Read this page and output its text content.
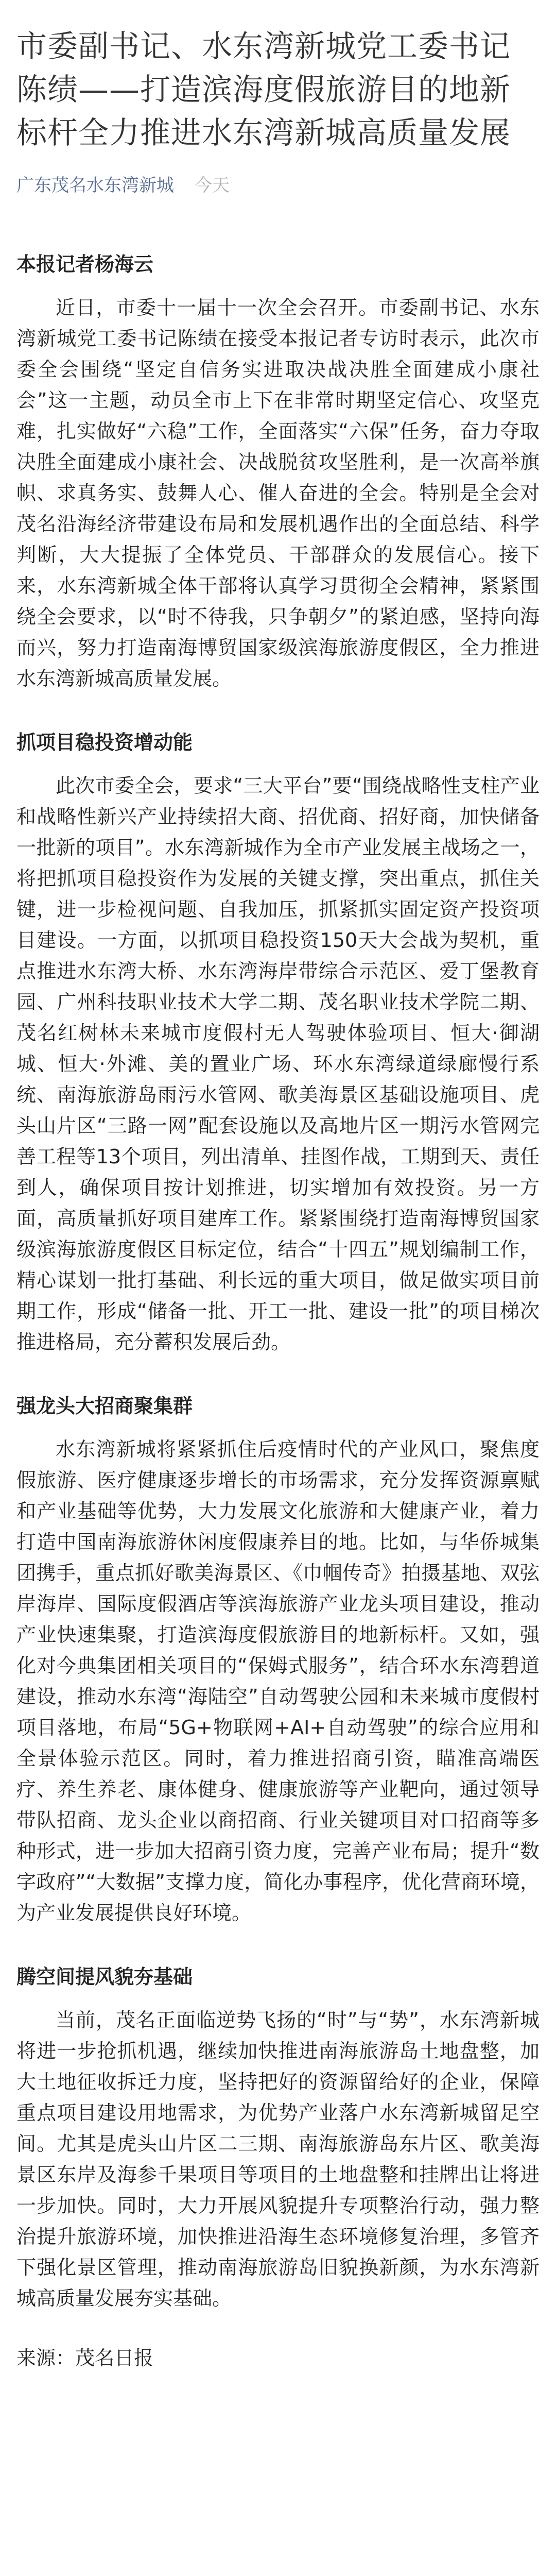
市委副书记、水东湾新城党工委书记陈绩——打造滨海度假旅游目的地新标杆全力推进水东湾新城高质量发展
广东茂名水东湾新城 今天
本报记者杨海云

近日，市委十一届十一次全会召开。市委副书记、水东湾新城党工委书记陈绩在接受本报记者专访时表示，此次市委全会围绕“坚定自信务实进取决战决胜全面建成小康社会”这一主题，动员全市上下在非常时期坚定信心、攻坚克难，扎实做好“六稳”工作，全面落实“六保”任务，奋力夺取决胜全面建成小康社会、决战脱贫攻坚胜利，是一次高举旗帜、求真务实、鼓舞人心、催人奋进的全会。特别是全会对茂名沿海经济带建设布局和发展机遇作出的全面总结、科学判断，大大提振了全体党员、干部群众的发展信心。接下来，水东湾新城全体干部将认真学习贯彻全会精神，紧紧围绕全会要求，以“时不待我，只争朝夕”的紧迫感，坚持向海而兴，努力打造南海博贸国家级滨海旅游度假区，全力推进水东湾新城高质量发展。

抓项目稳投资增动能

此次市委全会，要求“三大平台”要“围绕战略性支柱产业和战略性新兴产业持续招大商、招优商、招好商，加快储备一批新的项目”。水东湾新城作为全市产业发展主战场之一，将把抓项目稳投资作为发展的关键支撑，突出重点，抓住关键，进一步检视问题、自我加压，抓紧抓实固定资产投资项目建设。一方面，以抓项目稳投资150天大会战为契机，重点推进水东湾大桥、水东湾海岸带综合示范区、爱丁堡教育园、广州科技职业技术大学二期、茂名职业技术学院二期、茂名红树林未来城市度假村无人驾驶体验项目、恒大·御湖城、恒大·外滩、美的置业广场、环水东湾绿道绿廊慢行系统、南海旅游岛雨污水管网、歌美海景区基础设施项目、虎头山片区“三路一网”配套设施以及高地片区一期污水管网完善工程等13个项目，列出清单、挂图作战，工期到天、责任到人，确保项目按计划推进，切实增加有效投资。另一方面，高质量抓好项目建库工作。紧紧围绕打造南海博贸国家级滨海旅游度假区目标定位，结合“十四五”规划编制工作，精心谋划一批打基础、利长远的重大项目，做足做实项目前期工作，形成“储备一批、开工一批、建设一批”的项目梯次推进格局，充分蓄积发展后劲。

强龙头大招商聚集群

水东湾新城将紧紧抓住后疫情时代的产业风口，聚焦度假旅游、医疗健康逐步增长的市场需求，充分发挥资源禀赋和产业基础等优势，大力发展文化旅游和大健康产业，着力打造中国南海旅游休闲度假康养目的地。比如，与华侨城集团携手，重点抓好歌美海景区、《巾帼传奇》拍摄基地、双弦岸海岸、国际度假酒店等滨海旅游产业龙头项目建设，推动产业快速集聚，打造滨海度假旅游目的地新标杆。又如，强化对今典集团相关项目的“保姆式服务”，结合环水东湾碧道建设，推动水东湾“海陆空”自动驾驶公园和未来城市度假村项目落地，布局“5G+物联网+AI+自动驾驶”的综合应用和全景体验示范区。同时，着力推进招商引资，瞄准高端医疗、养生养老、康体健身、健康旅游等产业靶向，通过领导带队招商、龙头企业以商招商、行业关键项目对口招商等多种形式，进一步加大招商引资力度，完善产业布局；提升“数字政府”“大数据”支撑力度，简化办事程序，优化营商环境，为产业发展提供良好环境。

腾空间提风貌夯基础

当前，茂名正面临逆势飞扬的“时”与“势”，水东湾新城将进一步抢抓机遇，继续加快推进南海旅游岛土地盘整，加大土地征收拆迁力度，坚持把好的资源留给好的企业，保障重点项目建设用地需求，为优势产业落户水东湾新城留足空间。尤其是虎头山片区二三期、南海旅游岛东片区、歌美海景区东岸及海参千果项目等项目的土地盘整和挂牌出让将进一步加快。同时，大力开展风貌提升专项整治行动，强力整治提升旅游环境，加快推进沿海生态环境修复治理，多管齐下强化景区管理，推动南海旅游岛旧貌换新颜，为水东湾新城高质量发展夯实基础。

来源：茂名日报
